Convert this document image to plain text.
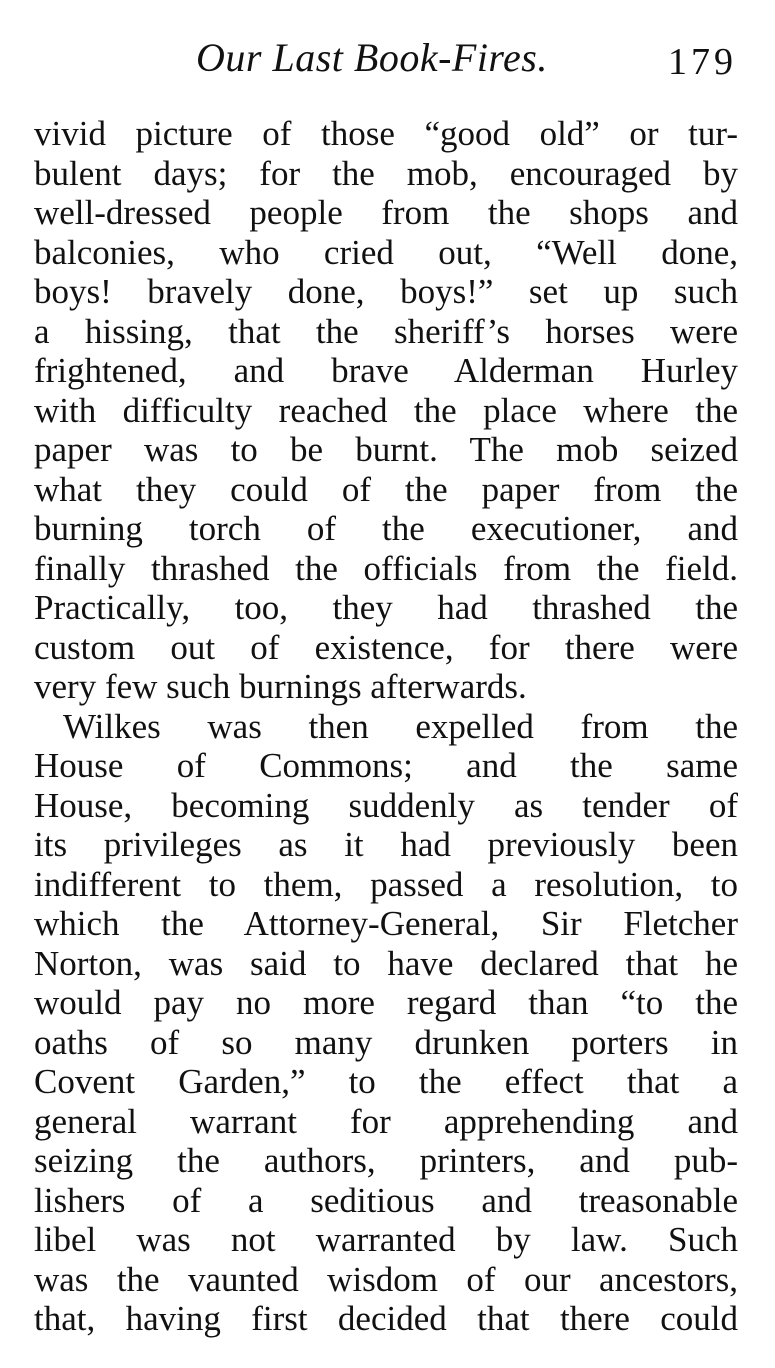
Our Last Book-Fires.	179
vivid picture of those “good old” or tur-
bulent days; for the mob, encouraged by
well-dressed people from the shops and
balconies, who cried out, “Well done,
boys! bravely done, boys!” set up such
a hissing, that the sheriff’s horses were
frightened, and brave Alderman Hurley
with difficulty reached the place where the
paper was to be burnt. The mob seized
what they could of the paper from the
burning torch of the executioner, and
finally thrashed the officials from the field.
Practically, too, they had thrashed the
custom out of existence, for there were
very few such burnings afterwards.
Wilkes was then expelled from the
House of Commons; and the same
House, becoming suddenly as tender of
its privileges as it had previously been
indifferent to them, passed a resolution, to
which the Attorney-General, Sir Fletcher
Norton, was said to have declared that he
would pay no more regard than “to the
oaths of so many drunken porters in
Covent Garden,” to the effect that a
general warrant for apprehending and
seizing the authors, printers, and pub-
lishers of a seditious and treasonable
libel was not warranted by law. Such
was the vaunted wisdom of our ancestors,
that, having first decided that there could
